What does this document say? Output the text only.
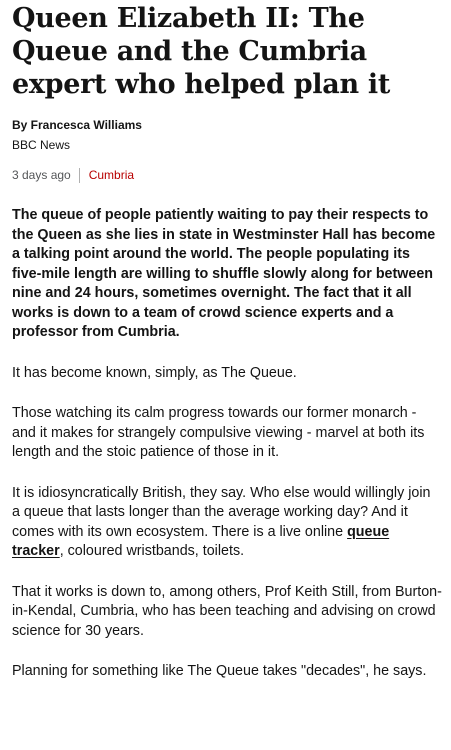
Queen Elizabeth II: The Queue and the Cumbria expert who helped plan it
By Francesca Williams
BBC News
3 days ago Cumbria

The queue of people patiently waiting to pay their respects to the Queen as she lies in state in Westminster Hall has become a talking point around the world. The people populating its five-mile length are willing to shuffle slowly along for between nine and 24 hours, sometimes overnight. The fact that it all works is down to a team of crowd science experts and a professor from Cumbria.

It has become known, simply, as The Queue.

Those watching its calm progress towards our former monarch - and it makes for strangely compulsive viewing - marvel at both its length and the stoic patience of those in it.

It is idiosyncratically British, they say. Who else would willingly join a queue that lasts longer than the average working day? And it comes with its own ecosystem. There is a live online queue tracker, coloured wristbands, toilets.

That it works is down to, among others, Prof Keith Still, from Burton-in-Kendal, Cumbria, who has been teaching and advising on crowd science for 30 years.

Planning for something like The Queue takes "decades", he says.
